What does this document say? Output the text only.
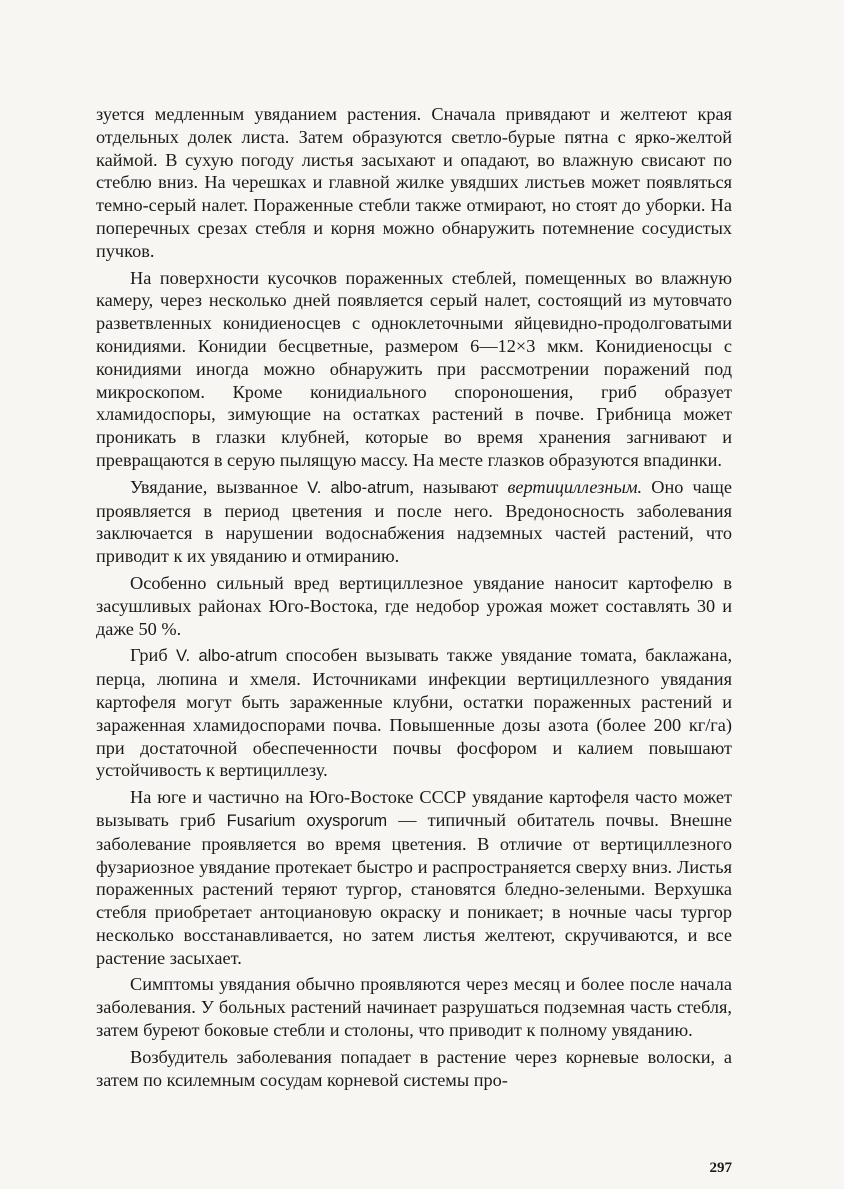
зуется медленным увяданием растения. Сначала привядают и желтеют края отдельных долек листа. Затем образуются светло-бурые пятна с ярко-желтой каймой. В сухую погоду листья засыхают и опадают, во влажную свисают по стеблю вниз. На черешках и главной жилке увядших листьев может появляться темно-серый налет. Пораженные стебли также отмирают, но стоят до уборки. На поперечных срезах стебля и корня можно обнаружить потемнение сосудистых пучков.

На поверхности кусочков пораженных стеблей, помещенных во влажную камеру, через несколько дней появляется серый налет, состоящий из мутовчато разветвленных конидиеносцев с одноклеточными яйцевидно-продолговатыми конидиями. Конидии бесцветные, размером 6—12×3 мкм. Конидиеносцы с конидиями иногда можно обнаружить при рассмотрении поражений под микроскопом. Кроме конидиального спороношения, гриб образует хламидоспоры, зимующие на остатках растений в почве. Грибница может проникать в глазки клубней, которые во время хранения загнивают и превращаются в серую пылящую массу. На месте глазков образуются впадинки.

Увядание, вызванное V. albo-atrum, называют вертициллезным. Оно чаще проявляется в период цветения и после него. Вредоносность заболевания заключается в нарушении водоснабжения надземных частей растений, что приводит к их увяданию и отмиранию.

Особенно сильный вред вертициллезное увядание наносит картофелю в засушливых районах Юго-Востока, где недобор урожая может составлять 30 и даже 50 %.

Гриб V. albo-atrum способен вызывать также увядание томата, баклажана, перца, люпина и хмеля. Источниками инфекции вертициллезного увядания картофеля могут быть зараженные клубни, остатки пораженных растений и зараженная хламидоспорами почва. Повышенные дозы азота (более 200 кг/га) при достаточной обеспеченности почвы фосфором и калием повышают устойчивость к вертициллезу.

На юге и частично на Юго-Востоке СССР увядание картофеля часто может вызывать гриб Fusarium oxysporum — типичный обитатель почвы. Внешне заболевание проявляется во время цветения. В отличие от вертициллезного фузариозное увядание протекает быстро и распространяется сверху вниз. Листья пораженных растений теряют тургор, становятся бледно-зелеными. Верхушка стебля приобретает антоциановую окраску и поникает; в ночные часы тургор несколько восстанавливается, но затем листья желтеют, скручиваются, и все растение засыхает.

Симптомы увядания обычно проявляются через месяц и более после начала заболевания. У больных растений начинает разрушаться подземная часть стебля, затем буреют боковые стебли и столоны, что приводит к полному увяданию.

Возбудитель заболевания попадает в растение через корневые волоски, а затем по ксилемным сосудам корневой системы про-

297
